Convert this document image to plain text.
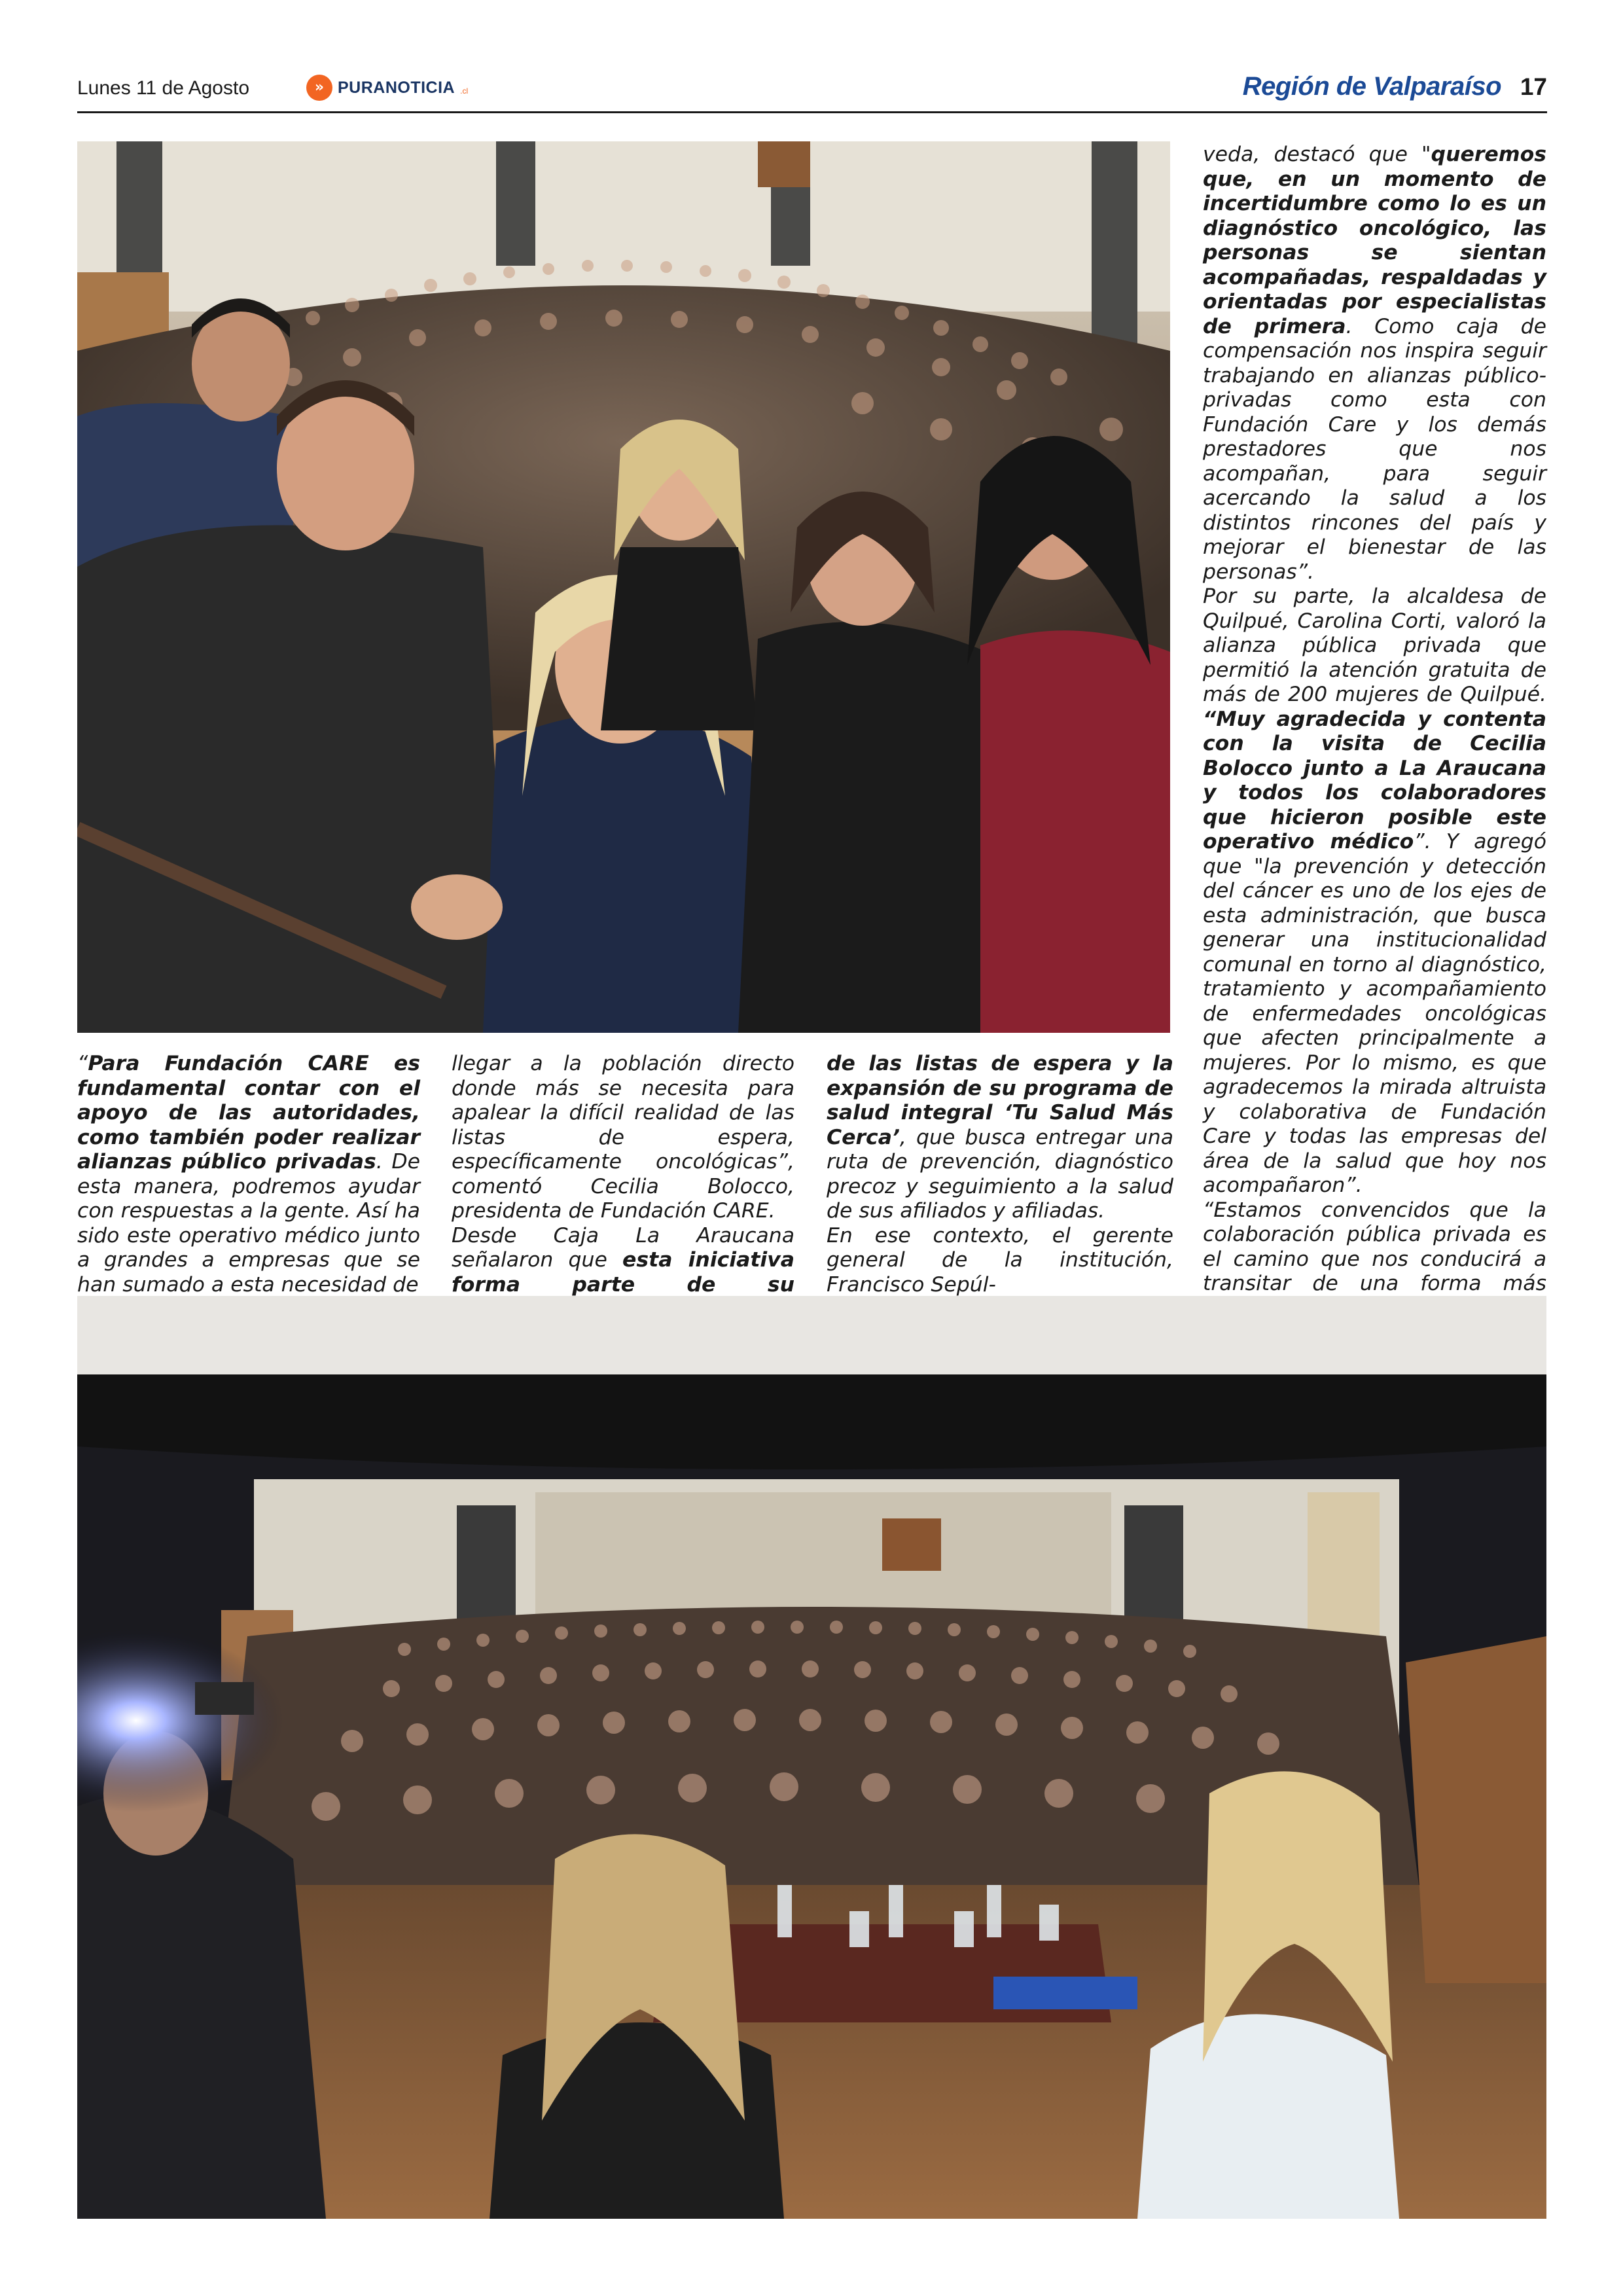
Lunes 11 de Agosto	» PURANOTICIA .cl	Región de Valparaíso 17

“Para Fundación CARE es fundamental contar con el apoyo de las autoridades, como también poder realizar alianzas público privadas. De esta manera, podremos ayudar con respuestas a la gente. Así ha sido este operativo médico junto a grandes a empresas que se han sumado a esta necesidad de

llegar a la población directo donde más se necesita para apalear la difícil realidad de las listas de espera, específicamente oncológicas”, comentó Cecilia Bolocco, presidenta de Fundación CARE.

Desde Caja La Araucana señalaron que esta iniciativa forma parte de su

de las listas de espera y la expansión de su programa de salud integral ‘Tu Salud Más Cerca’, que busca entregar una ruta de prevención, diagnóstico precoz y seguimiento a la salud de sus afiliados y afiliadas.

En ese contexto, el gerente general de la institución, Francisco Sepúl-

veda, destacó que "queremos que, en un momento de incertidumbre como lo es un diagnóstico oncológico, las personas se sientan acompañadas, respaldadas y orientadas por especialistas de primera. Como caja de compensación nos inspira seguir trabajando en alianzas público-privadas como esta con Fundación Care y los demás prestadores que nos acompañan, para seguir acercando la salud a los distintos rincones del país y mejorar el bienestar de las personas”.

Por su parte, la alcaldesa de Quilpué, Carolina Corti, valoró la alianza pública privada que permitió la atención gratuita de más de 200 mujeres de Quilpué. “Muy agradecida y contenta con la visita de Cecilia Bolocco junto a La Araucana y todos los colaboradores que hicieron posible este operativo médico”. Y agregó que "la prevención y detección del cáncer es uno de los ejes de esta administración, que busca generar una institucionalidad comunal en torno al diagnóstico, tratamiento y acompañamiento de enfermedades oncológicas que afecten principalmente a mujeres. Por lo mismo, es que agradecemos la mirada altruista y colaborativa de Fundación Care y todas las empresas del área de la salud que hoy nos acompañaron”.

“Estamos convencidos que la colaboración pública privada es el camino que nos conducirá a transitar de una forma más
